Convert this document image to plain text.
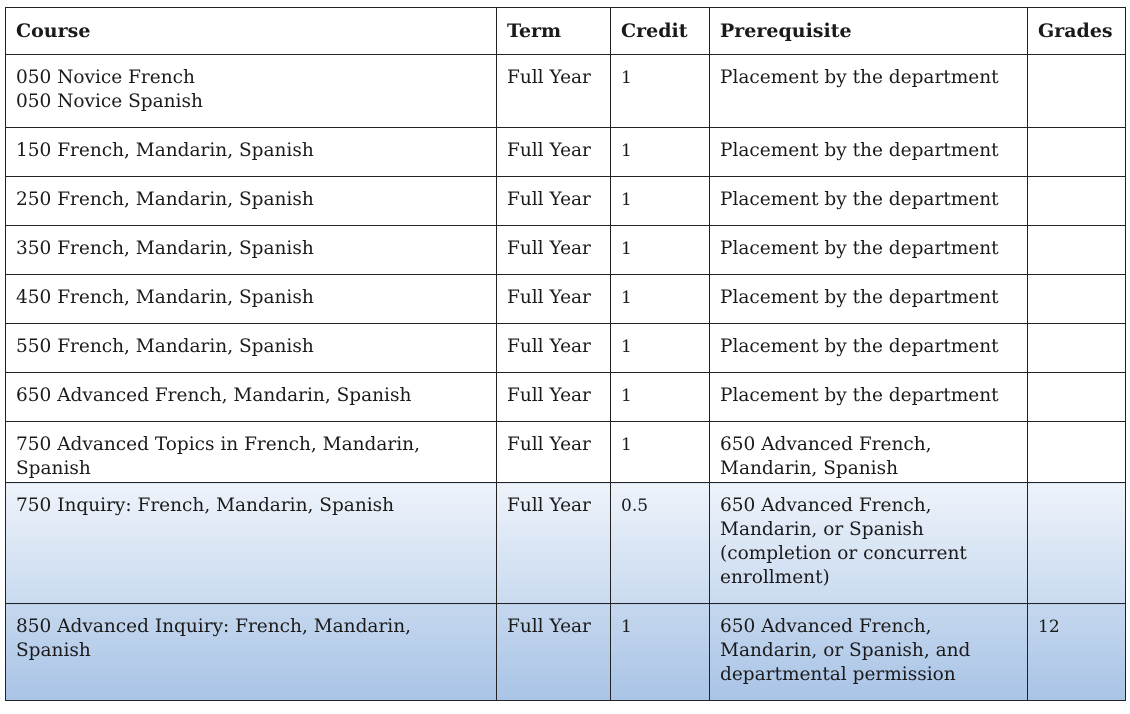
Course	Term	Credit	Prerequisite	Grades

050 Novice French
050 Novice Spanish	Full Year	1	Placement by the department	

150 French, Mandarin, Spanish	Full Year	1	Placement by the department	

250 French, Mandarin, Spanish	Full Year	1	Placement by the department	

350 French, Mandarin, Spanish	Full Year	1	Placement by the department	

450 French, Mandarin, Spanish	Full Year	1	Placement by the department	

550 French, Mandarin, Spanish	Full Year	1	Placement by the department	

650 Advanced French, Mandarin, Spanish	Full Year	1	Placement by the department	

750 Advanced Topics in French, Mandarin,
Spanish	Full Year	1	650 Advanced French,
Mandarin, Spanish	

750 Inquiry: French, Mandarin, Spanish	Full Year	0.5	650 Advanced French,
Mandarin, or Spanish
(completion or concurrent
enrollment)	

850 Advanced Inquiry: French, Mandarin,
Spanish	Full Year	1	650 Advanced French,
Mandarin, or Spanish, and
departmental permission	12
